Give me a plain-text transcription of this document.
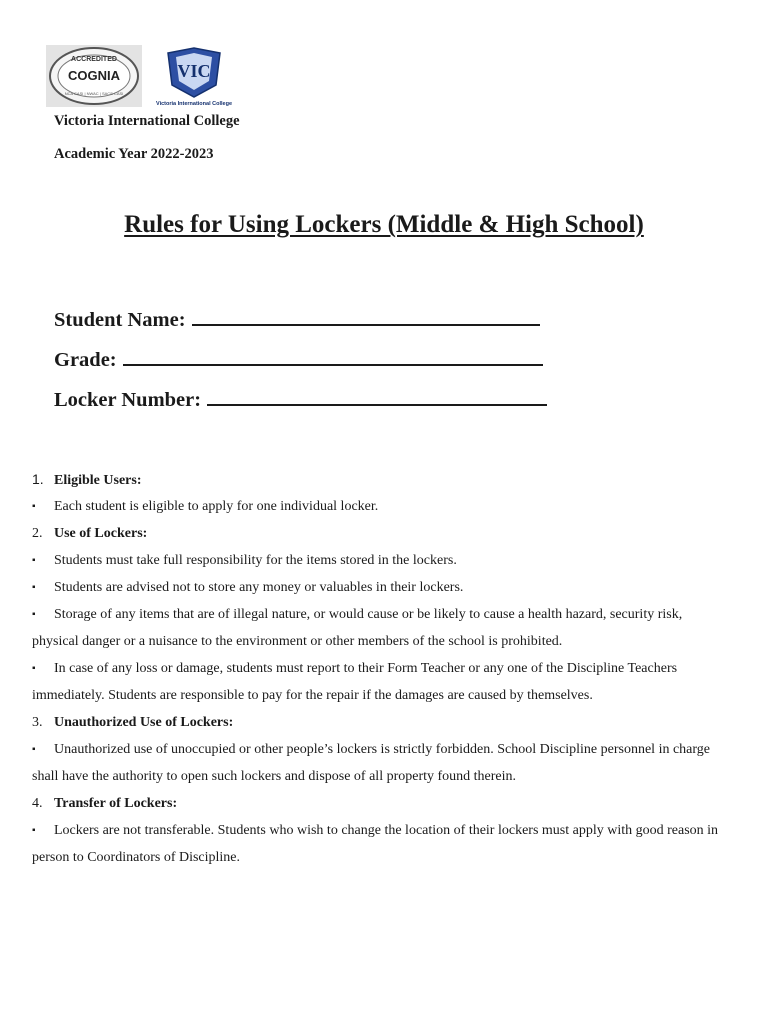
ACCREDITED
COGNIA
NCA CASI | NWAC | SACS CASI
VIC
Victoria International College
Victoria International College
Academic Year 2022-2023
Rules for Using Lockers (Middle & High School)
Student Name:
Grade:
Locker Number:
1. Eligible Users:
▪ Each student is eligible to apply for one individual locker.
2. Use of Lockers:
▪ Students must take full responsibility for the items stored in the lockers.
▪ Students are advised not to store any money or valuables in their lockers.
▪ Storage of any items that are of illegal nature, or would cause or be likely to cause a health hazard, security risk, physical danger or a nuisance to the environment or other members of the school is prohibited.
▪ In case of any loss or damage, students must report to their Form Teacher or any one of the Discipline Teachers immediately. Students are responsible to pay for the repair if the damages are caused by themselves.
3. Unauthorized Use of Lockers:
▪ Unauthorized use of unoccupied or other people’s lockers is strictly forbidden. School Discipline personnel in charge shall have the authority to open such lockers and dispose of all property found therein.
4. Transfer of Lockers:
▪ Lockers are not transferable. Students who wish to change the location of their lockers must apply with good reason in person to Coordinators of Discipline.
